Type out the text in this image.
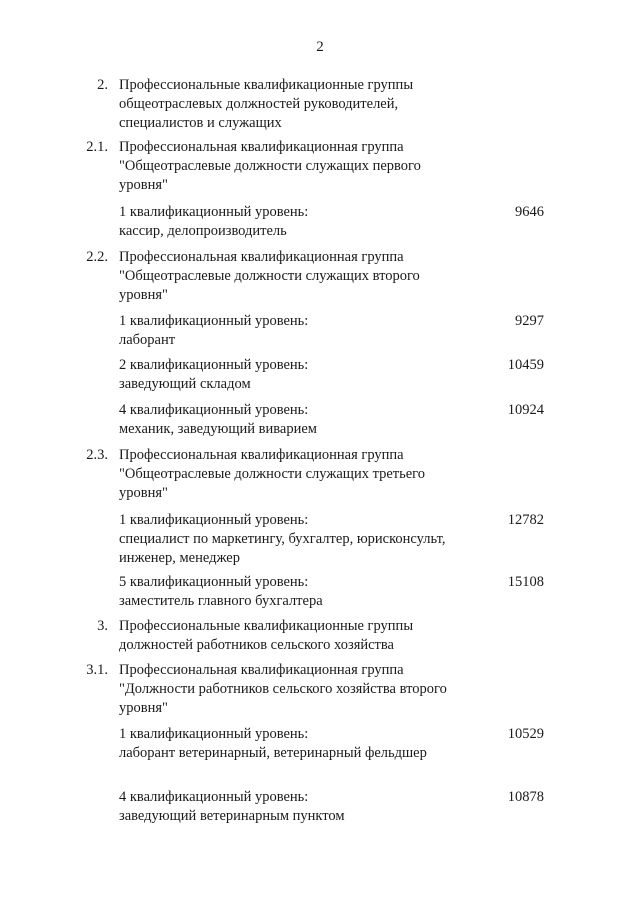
2
2. Профессиональные квалификационные группы
общеотраслевых должностей руководителей,
специалистов и служащих
2.1. Профессиональная квалификационная группа
"Общеотраслевые должности служащих первого
уровня"
1 квалификационный уровень:
кассир, делопроизводитель
9646
2.2. Профессиональная квалификационная группа
"Общеотраслевые должности служащих второго
уровня"
1 квалификационный уровень:
лаборант
9297
2 квалификационный уровень:
заведующий складом
10459
4 квалификационный уровень:
механик, заведующий виварием
10924
2.3. Профессиональная квалификационная группа
"Общеотраслевые должности служащих третьего
уровня"
1 квалификационный уровень:
специалист по маркетингу, бухгалтер, юрисконсульт,
инженер, менеджер
12782
5 квалификационный уровень:
заместитель главного бухгалтера
15108
3. Профессиональные квалификационные группы
должностей работников сельского хозяйства
3.1. Профессиональная квалификационная группа
"Должности работников сельского хозяйства второго
уровня"
1 квалификационный уровень:
лаборант ветеринарный, ветеринарный фельдшер
10529
4 квалификационный уровень:
заведующий ветеринарным пунктом
10878
